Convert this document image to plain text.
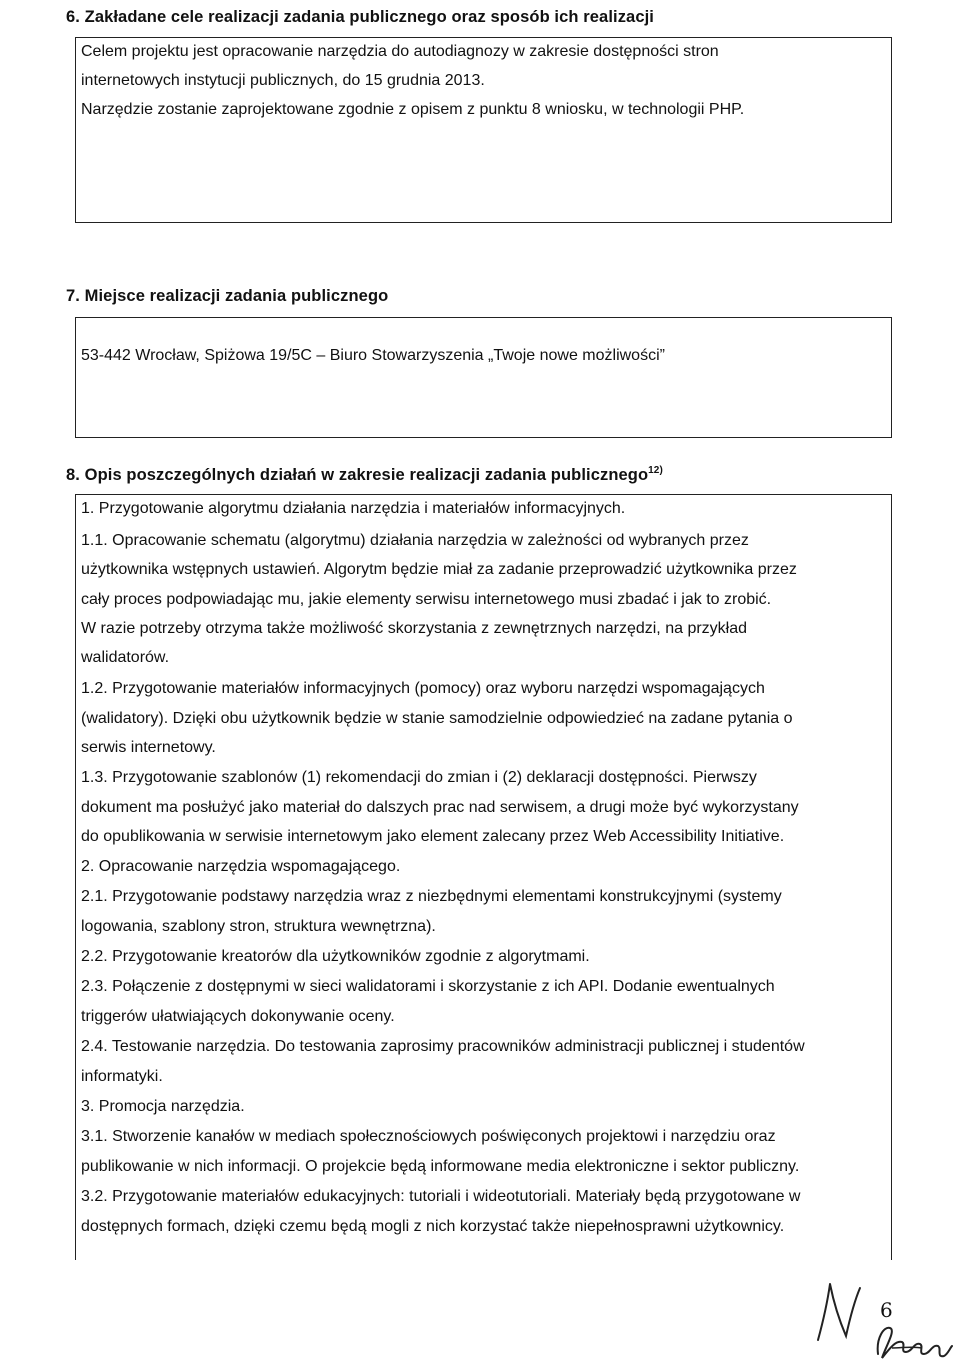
6. Zakładane cele realizacji zadania publicznego oraz sposób ich realizacji
Celem projektu jest opracowanie narzędzia do autodiagnozy w zakresie dostępności stron
internetowych instytucji publicznych, do 15 grudnia 2013.
Narzędzie zostanie zaprojektowane zgodnie z opisem z punktu 8 wniosku, w technologii PHP.
7. Miejsce realizacji zadania publicznego
53-442 Wrocław, Spiżowa 19/5C – Biuro Stowarzyszenia „Twoje nowe możliwości”
8. Opis poszczególnych działań w zakresie realizacji zadania publicznego$^{12)}$
1. Przygotowanie algorytmu działania narzędzia i materiałów informacyjnych.
1.1. Opracowanie schematu (algorytmu) działania narzędzia w zależności od wybranych przez
użytkownika wstępnych ustawień. Algorytm będzie miał za zadanie przeprowadzić użytkownika przez
cały proces podpowiadając mu, jakie elementy serwisu internetowego musi zbadać i jak to zrobić.
W razie potrzeby otrzyma także możliwość skorzystania z zewnętrznych narzędzi, na przykład
walidatorów.
1.2. Przygotowanie materiałów informacyjnych (pomocy) oraz wyboru narzędzi wspomagających
(walidatory). Dzięki obu użytkownik będzie w stanie samodzielnie odpowiedzieć na zadane pytania o
serwis internetowy.
1.3. Przygotowanie szablonów (1) rekomendacji do zmian i (2) deklaracji dostępności. Pierwszy
dokument ma posłużyć jako materiał do dalszych prac nad serwisem, a drugi może być wykorzystany
do opublikowania w serwisie internetowym jako element zalecany przez Web Accessibility Initiative.
2. Opracowanie narzędzia wspomagającego.
2.1. Przygotowanie podstawy narzędzia wraz z niezbędnymi elementami konstrukcyjnymi (systemy
logowania, szablony stron, struktura wewnętrzna).
2.2. Przygotowanie kreatorów dla użytkowników zgodnie z algorytmami.
2.3. Połączenie z dostępnymi w sieci walidatorami i skorzystanie z ich API. Dodanie ewentualnych
triggerów ułatwiających dokonywanie oceny.
2.4. Testowanie narzędzia. Do testowania zaprosimy pracowników administracji publicznej i studentów
informatyki.
3. Promocja narzędzia.
3.1. Stworzenie kanałów w mediach społecznościowych poświęconych projektowi i narzędziu oraz
publikowanie w nich informacji. O projekcie będą informowane media elektroniczne i sektor publiczny.
3.2. Przygotowanie materiałów edukacyjnych: tutoriali i wideotutoriali. Materiały będą przygotowane w
dostępnych formach, dzięki czemu będą mogli z nich korzystać także niepełnosprawni użytkownicy.
6
